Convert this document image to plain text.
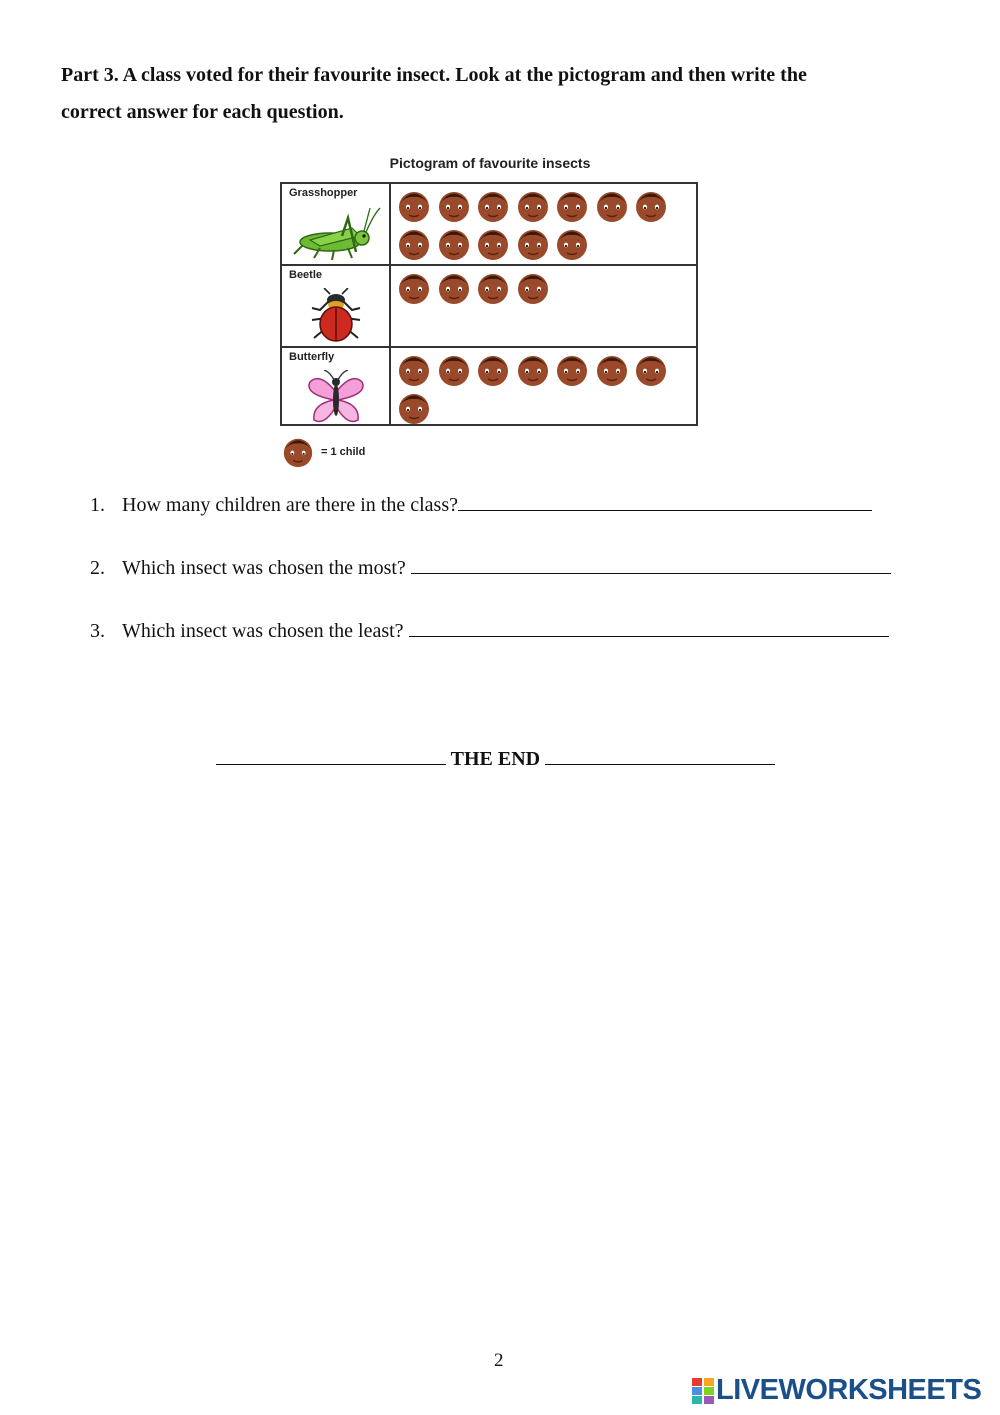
Part 3. A class voted for their favourite insect. Look at the pictogram and then write the

correct answer for each question.

Pictogram of favourite insects
Grasshopper
Beetle
Butterfly
= 1 child
1. How many children are there in the class?
2. Which insect was chosen the most?
3. Which insect was chosen the least?
THE END
2
LIVEWORKSHEETS
